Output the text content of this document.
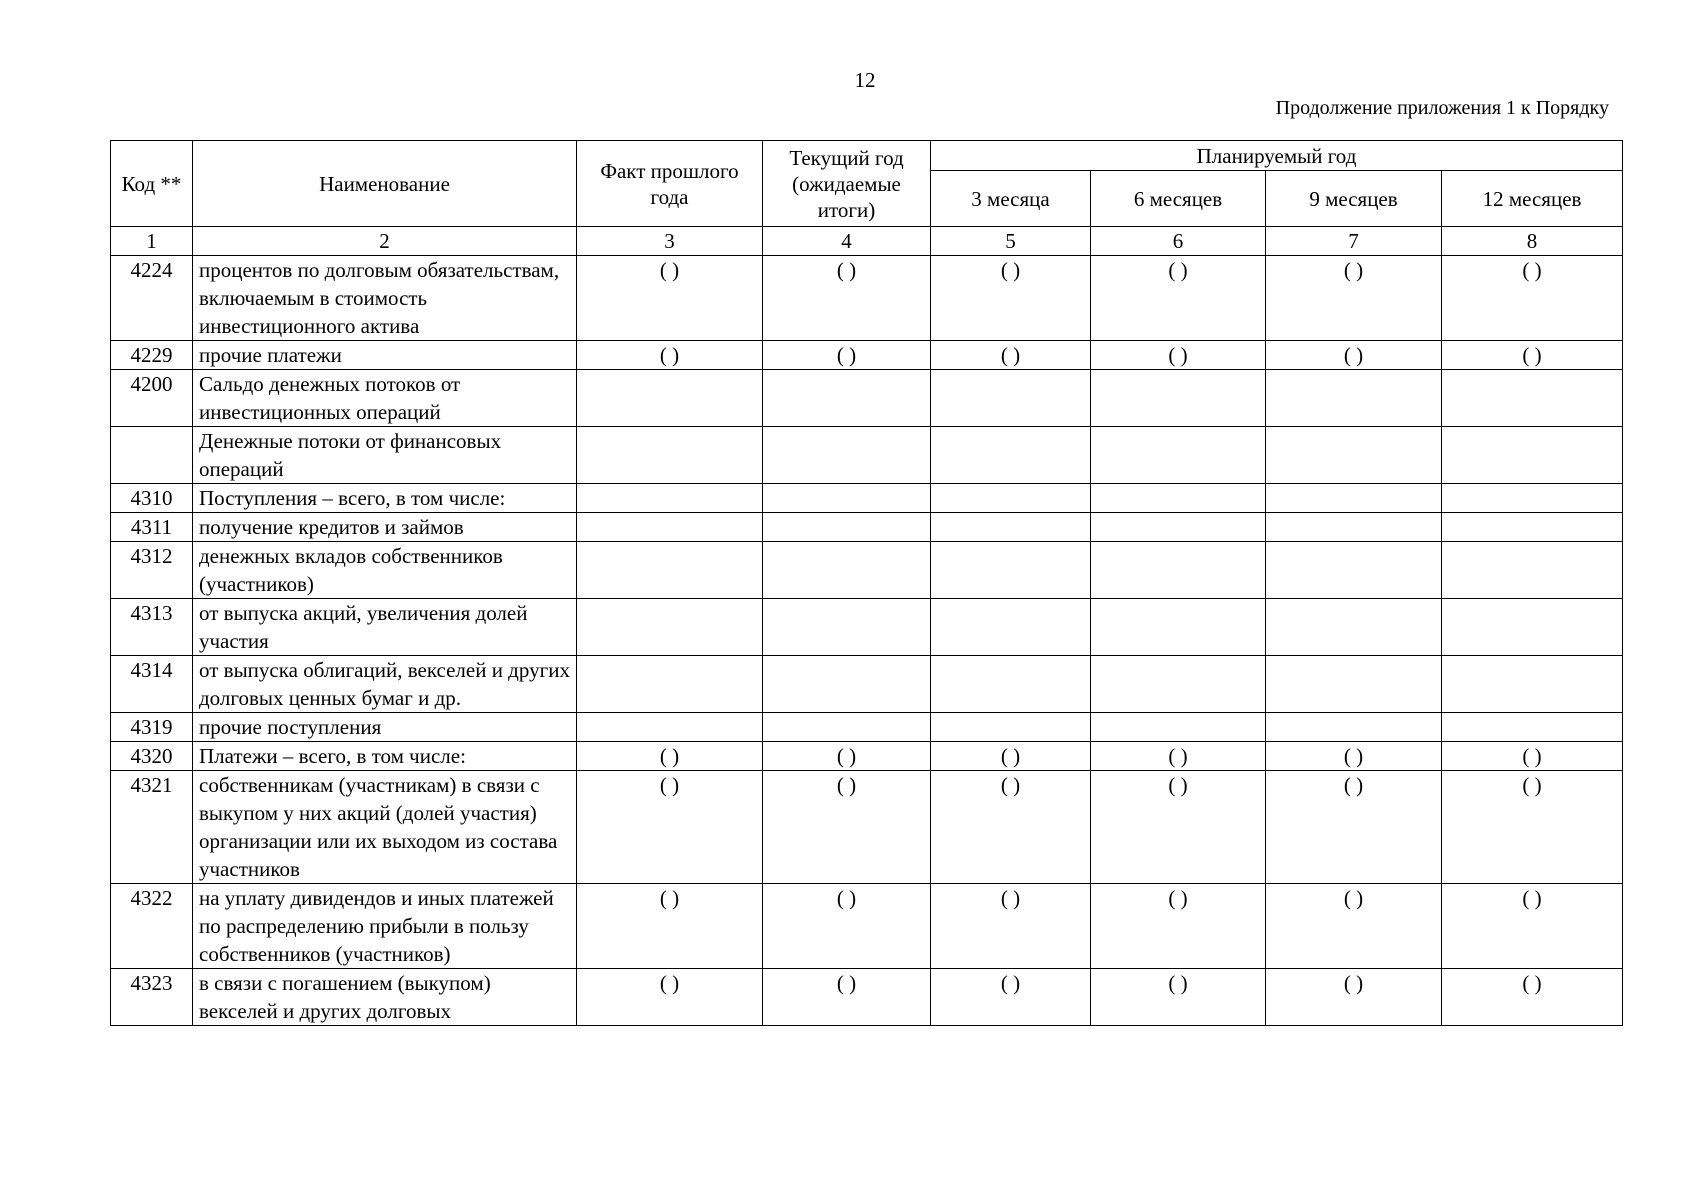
12
Продолжение приложения 1 к Порядку
Код **	Наименование	Факт прошлого года	Текущий год (ожидаемые итоги)	Планируемый год			
				3 месяца	6 месяцев	9 месяцев	12 месяцев
1	2	3	4	5	6	7	8
4224	процентов по долговым обязательствам, включаемым в стоимость инвестиционного актива	( )	( )	( )	( )	( )	( )
4229	прочие платежи	( )	( )	( )	( )	( )	( )
4200	Сальдо денежных потоков от инвестиционных операций						
	Денежные потоки от финансовых операций						
4310	Поступления – всего, в том числе:						
4311	получение кредитов и займов						
4312	денежных вкладов собственников (участников)						
4313	от выпуска акций, увеличения долей участия						
4314	от выпуска облигаций, векселей и других долговых ценных бумаг и др.						
4319	прочие поступления						
4320	Платежи – всего, в том числе:	( )	( )	( )	( )	( )	( )
4321	собственникам (участникам) в связи с выкупом у них акций (долей участия) организации или их выходом из состава участников	( )	( )	( )	( )	( )	( )
4322	на уплату дивидендов и иных платежей по распределению прибыли в пользу собственников (участников)	( )	( )	( )	( )	( )	( )
4323	в связи с погашением (выкупом) векселей и других долговых	( )	( )	( )	( )	( )	( )
